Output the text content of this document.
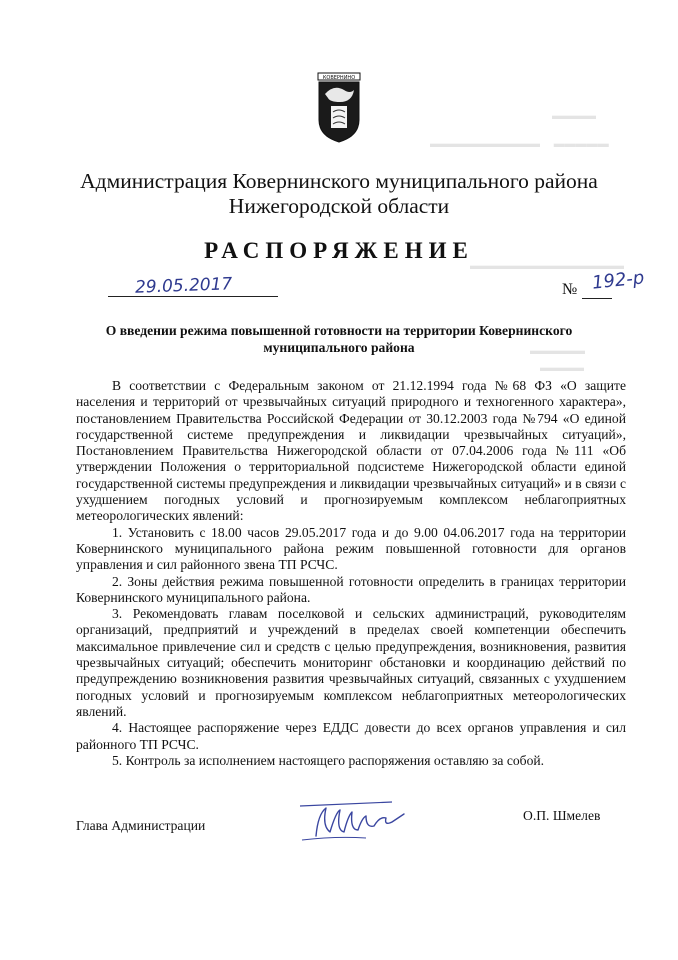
▬▬▬▬
▬▬▬▬▬▬▬▬▬▬     ▬▬▬▬▬
▬▬▬▬▬▬▬▬▬▬▬▬▬▬
▬▬▬▬▬
▬▬▬▬
КОВЕРНИНО
Администрация Ковернинского муниципального района
Нижегородской области
РАСПОРЯЖЕНИЕ
29.05.2017	№ 192-р
О введении режима повышенной готовности на территории Ковернинского муниципального района

В соответствии с Федеральным законом от 21.12.1994 года №68 ФЗ «О защите населения и территорий от чрезвычайных ситуаций природного и техногенного характера», постановлением Правительства Российской Федерации от 30.12.2003 года №794 «О единой государственной системе предупреждения и ликвидации чрезвычайных ситуаций», Постановлением Правительства Нижегородской области от 07.04.2006 года №111 «Об утверждении Положения о территориальной подсистеме Нижегородской области единой государственной системы предупреждения и ликвидации чрезвычайных ситуаций» и в связи с ухудшением погодных условий и прогнозируемым комплексом неблагоприятных метеорологических явлений:

1. Установить с 18.00 часов 29.05.2017 года и до 9.00 04.06.2017 года на территории Ковернинского муниципального района режим повышенной готовности для органов управления и сил районного звена ТП РСЧС.

2. Зоны действия режима повышенной готовности определить в границах территории Ковернинского муниципального района.

3. Рекомендовать главам поселковой и сельских администраций, руководителям организаций, предприятий и учреждений в пределах своей компетенции обеспечить максимальное привлечение сил и средств с целью предупреждения, возникновения, развития чрезвычайных ситуаций; обеспечить мониторинг обстановки и координацию действий по предупреждению возникновения развития чрезвычайных ситуаций, связанных с ухудшением погодных условий и прогнозируемым комплексом неблагоприятных метеорологических явлений.

4. Настоящее распоряжение через ЕДДС довести до всех органов управления и сил районного ТП РСЧС.

5. Контроль за исполнением настоящего распоряжения оставляю за собой.

Глава Администрации
О.П. Шмелев
